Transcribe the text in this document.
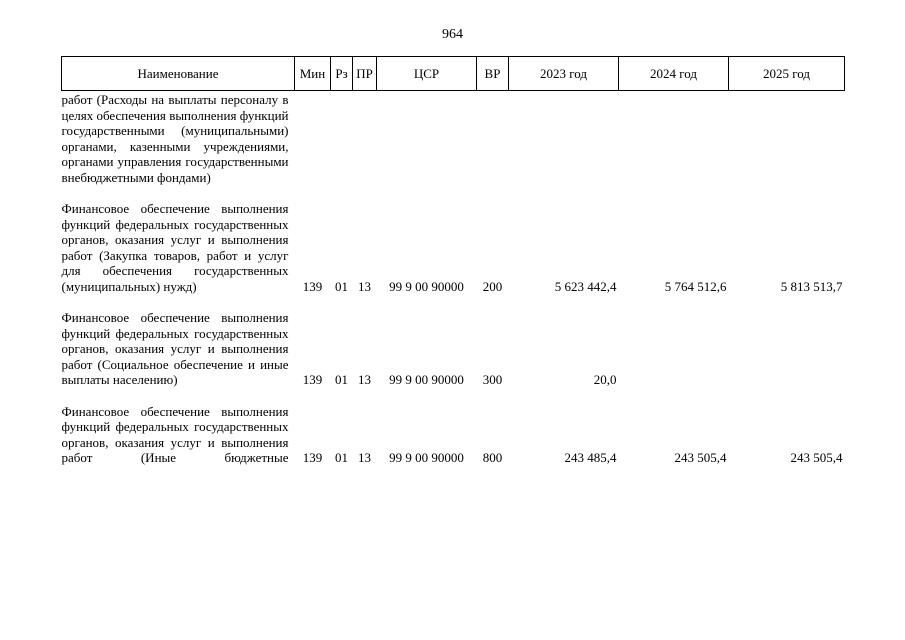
964
Наименование	Мин	Рз	ПР	ЦСР	ВР	2023 год	2024 год	2025 год
работ (Расходы на выплаты персоналу в целях обеспечения выполнения функций государственными (муниципальными) органами, казенными учреждениями, органами управления государственными внебюджетными фондами)								

Финансовое обеспечение выполнения функций федеральных государственных органов, оказания услуг и выполнения работ (Закупка товаров, работ и услуг для обеспечения государственных (муниципальных) нужд)	139	01	13	99 9 00 90000	200	5 623 442,4	5 764 512,6	5 813 513,7

Финансовое обеспечение выполнения функций федеральных государственных органов, оказания услуг и выполнения работ (Социальное обеспечение и иные выплаты населению)	139	01	13	99 9 00 90000	300	20,0		

Финансовое обеспечение выполнения функций федеральных государственных органов, оказания услуг и выполнения работ (Иные бюджетные	139	01	13	99 9 00 90000	800	243 485,4	243 505,4	243 505,4
